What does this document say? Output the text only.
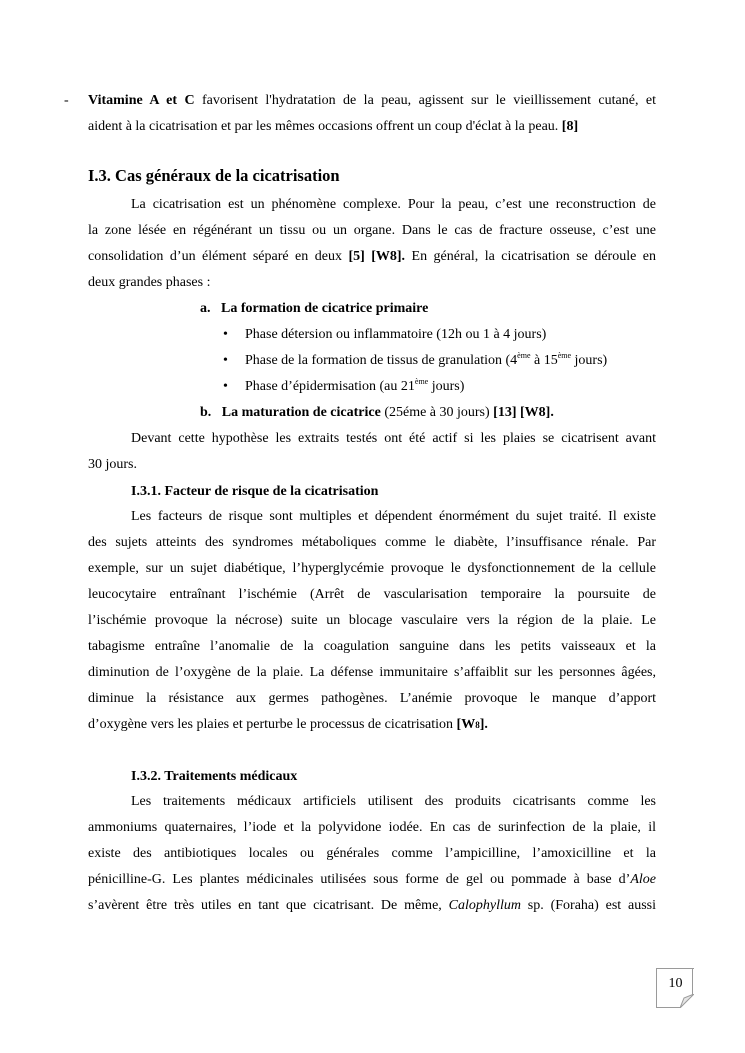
- Vitamine A et C favorisent l'hydratation de la peau, agissent sur le vieillissement cutané, et
aident à la cicatrisation et par les mêmes occasions offrent un coup d'éclat à la peau. [8]
I.3. Cas généraux de la cicatrisation
La cicatrisation est un phénomène complexe. Pour la peau, c’est une reconstruction de
la zone lésée en régénérant un tissu ou un organe. Dans le cas de fracture osseuse, c’est une
consolidation d’un élément séparé en deux [5] [W8]. En général, la cicatrisation se déroule en
deux grandes phases :
a. La formation de cicatrice primaire
• Phase détersion ou inflammatoire (12h ou 1 à 4 jours)
• Phase de la formation de tissus de granulation (4ème à 15ème jours)
• Phase d’épidermisation (au 21ème jours)
b. La maturation de cicatrice (25éme à 30 jours) [13] [W8].
Devant cette hypothèse les extraits testés ont été actif si les plaies se cicatrisent avant
30 jours.
I.3.1. Facteur de risque de la cicatrisation
Les facteurs de risque sont multiples et dépendent énormément du sujet traité. Il existe
des sujets atteints des syndromes métaboliques comme le diabète, l’insuffisance rénale. Par
exemple, sur un sujet diabétique, l’hyperglycémie provoque le dysfonctionnement de la cellule
leucocytaire entraînant l’ischémie (Arrêt de vascularisation temporaire la poursuite de
l’ischémie provoque la nécrose) suite un blocage vasculaire vers la région de la plaie. Le
tabagisme entraîne l’anomalie de la coagulation sanguine dans les petits vaisseaux et la
diminution de l’oxygène de la plaie. La défense immunitaire s’affaiblit sur les personnes âgées,
diminue la résistance aux germes pathogènes. L’anémie provoque le manque d’apport
d’oxygène vers les plaies et perturbe le processus de cicatrisation [W8].
I.3.2. Traitements médicaux
Les traitements médicaux artificiels utilisent des produits cicatrisants comme les
ammoniums quaternaires, l’iode et la polyvidone iodée. En cas de surinfection de la plaie, il
existe des antibiotiques locales ou générales comme l’ampicilline, l’amoxicilline et la
pénicilline-G. Les plantes médicinales utilisées sous forme de gel ou pommade à base d’Aloe
s’avèrent être très utiles en tant que cicatrisant. De même, Calophyllum sp. (Foraha) est aussi
10
